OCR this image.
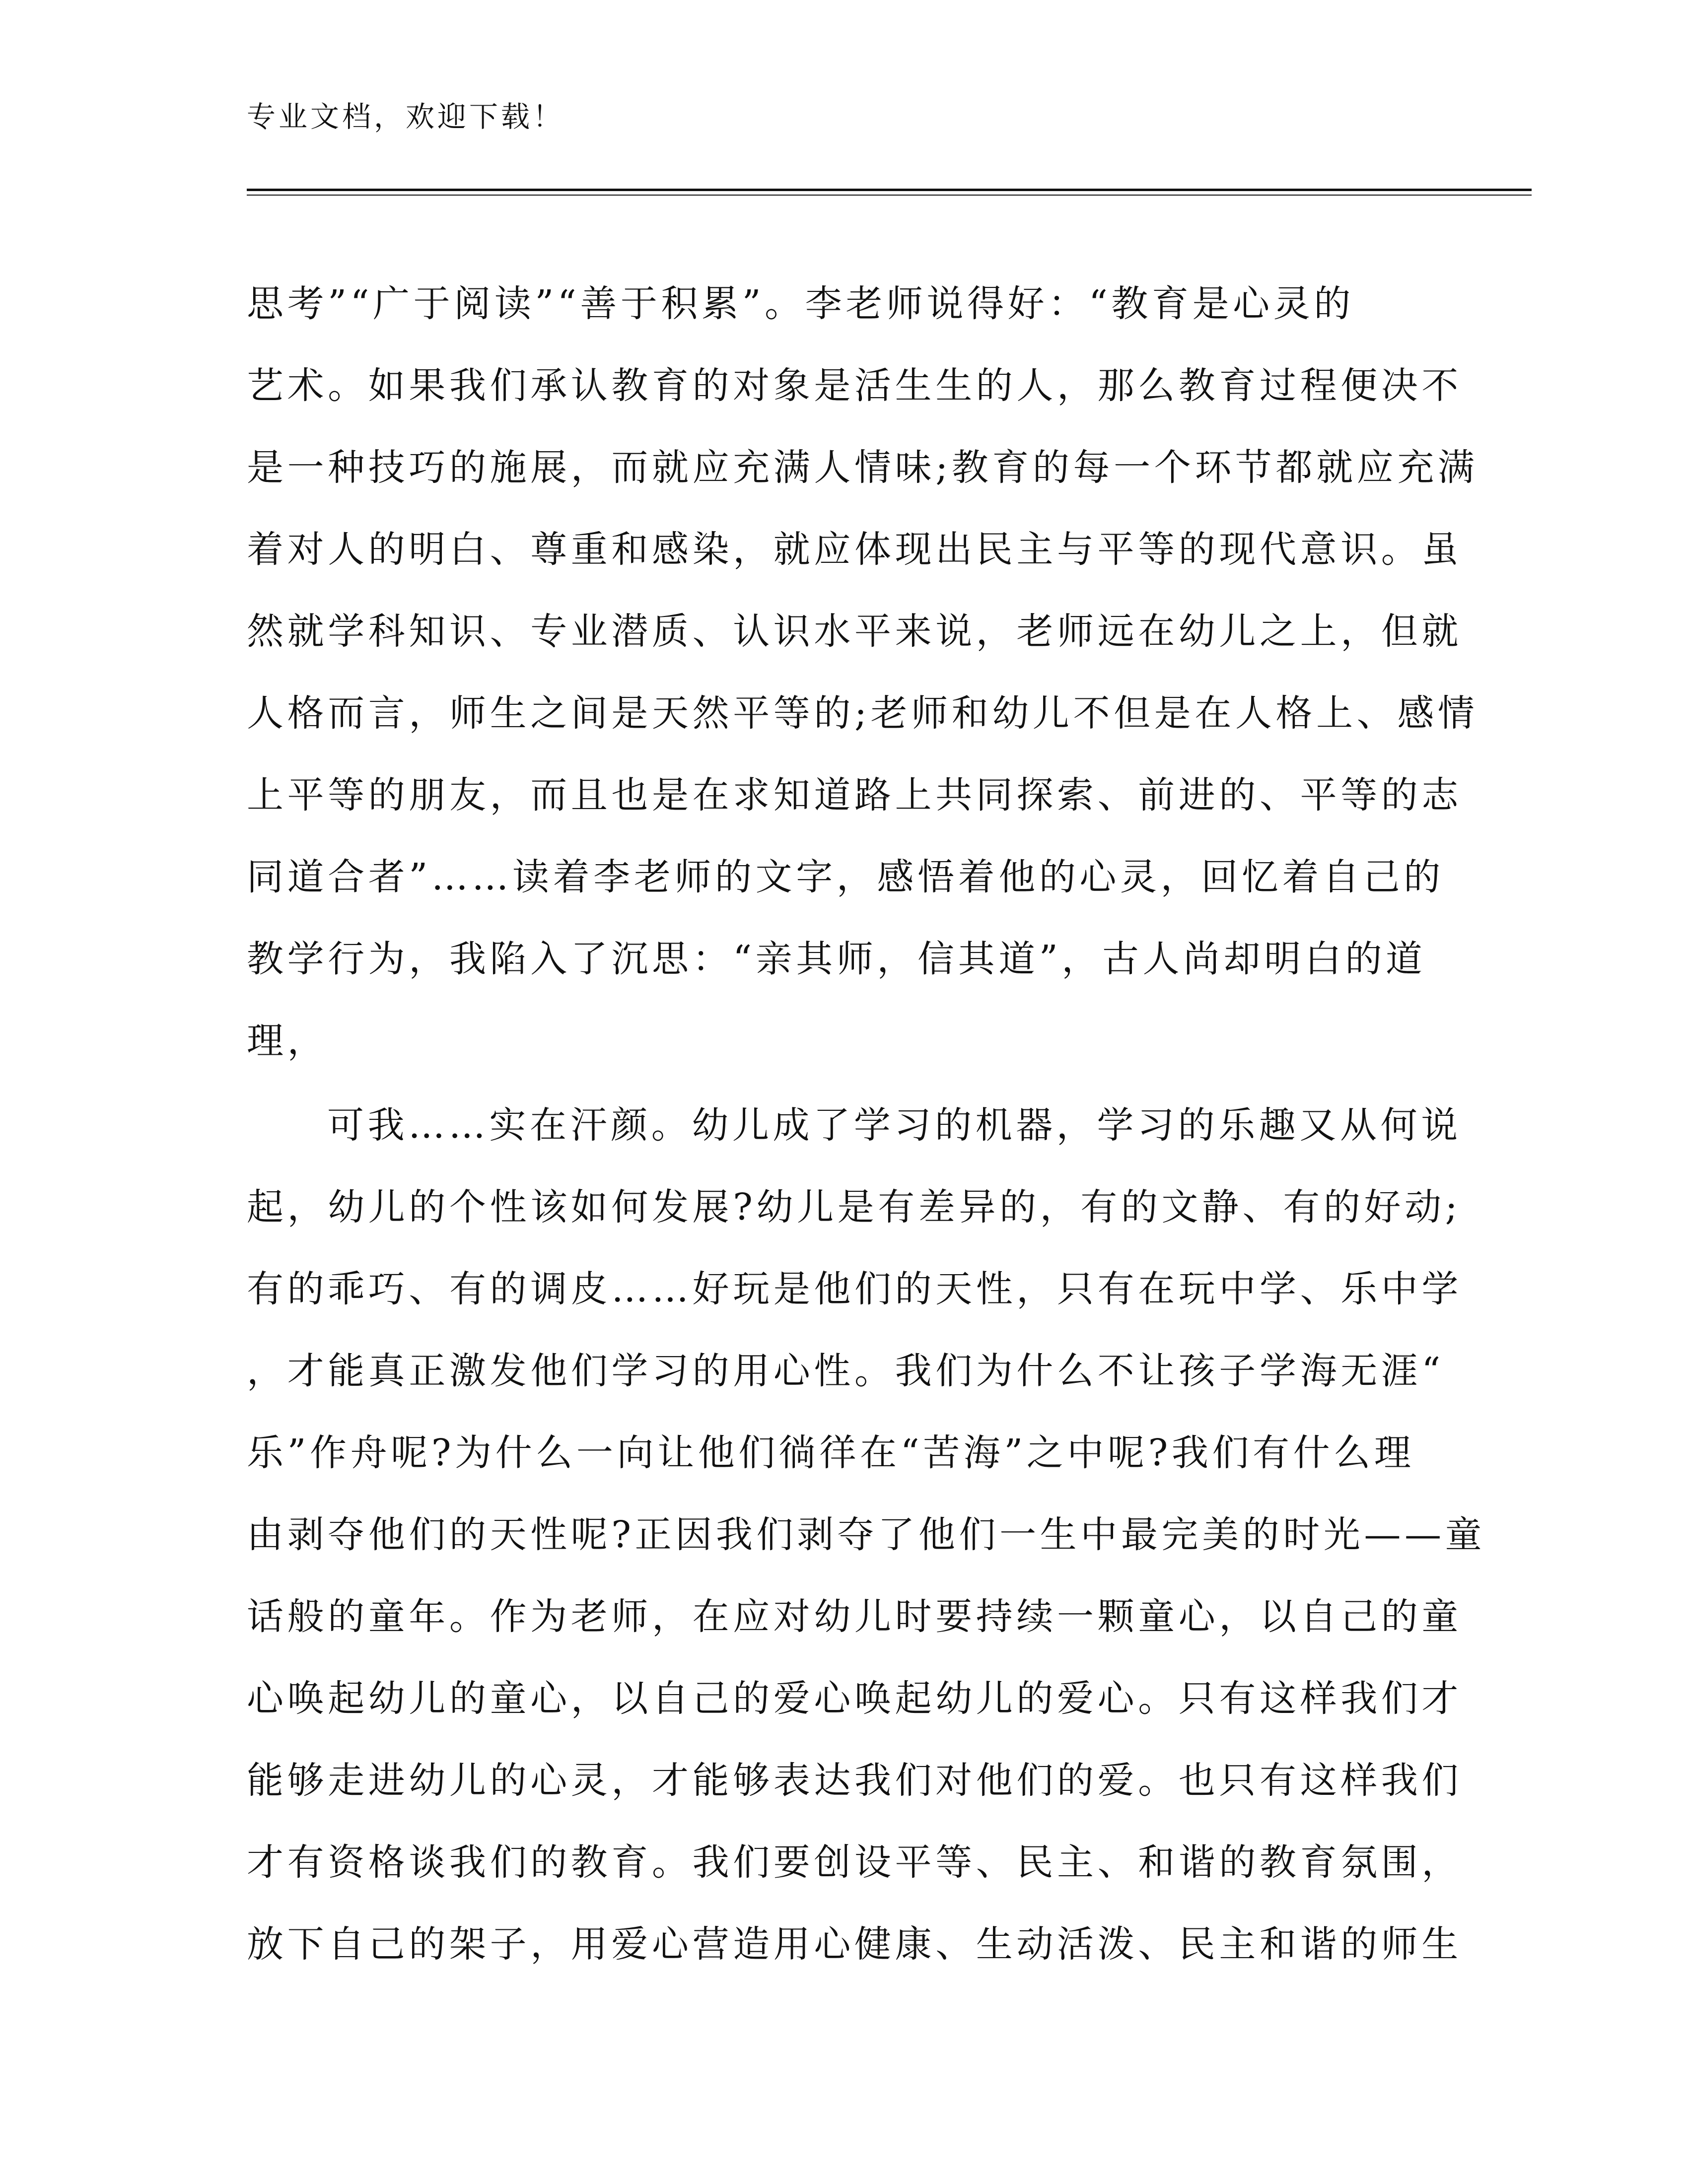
专业文档，欢迎下载！
思考”“广于阅读”“善于积累”。李老师说得好：“教育是心灵的
艺术。如果我们承认教育的对象是活生生的人，那么教育过程便决不
是一种技巧的施展，而就应充满人情味;教育的每一个环节都就应充满
着对人的明白、尊重和感染，就应体现出民主与平等的现代意识。虽
然就学科知识、专业潜质、认识水平来说，老师远在幼儿之上，但就
人格而言，师生之间是天然平等的;老师和幼儿不但是在人格上、感情
上平等的朋友，而且也是在求知道路上共同探索、前进的、平等的志
同道合者”……读着李老师的文字，感悟着他的心灵，回忆着自己的
教学行为，我陷入了沉思：“亲其师，信其道”，古人尚却明白的道
理，
可我……实在汗颜。幼儿成了学习的机器，学习的乐趣又从何说
起，幼儿的个性该如何发展?幼儿是有差异的，有的文静、有的好动;
有的乖巧、有的调皮……好玩是他们的天性，只有在玩中学、乐中学
，才能真正激发他们学习的用心性。我们为什么不让孩子学海无涯“
乐”作舟呢?为什么一向让他们徜徉在“苦海”之中呢?我们有什么理
由剥夺他们的天性呢?正因我们剥夺了他们一生中最完美的时光——童
话般的童年。作为老师，在应对幼儿时要持续一颗童心，以自己的童
心唤起幼儿的童心，以自己的爱心唤起幼儿的爱心。只有这样我们才
能够走进幼儿的心灵，才能够表达我们对他们的爱。也只有这样我们
才有资格谈我们的教育。我们要创设平等、民主、和谐的教育氛围，
放下自己的架子，用爱心营造用心健康、生动活泼、民主和谐的师生
